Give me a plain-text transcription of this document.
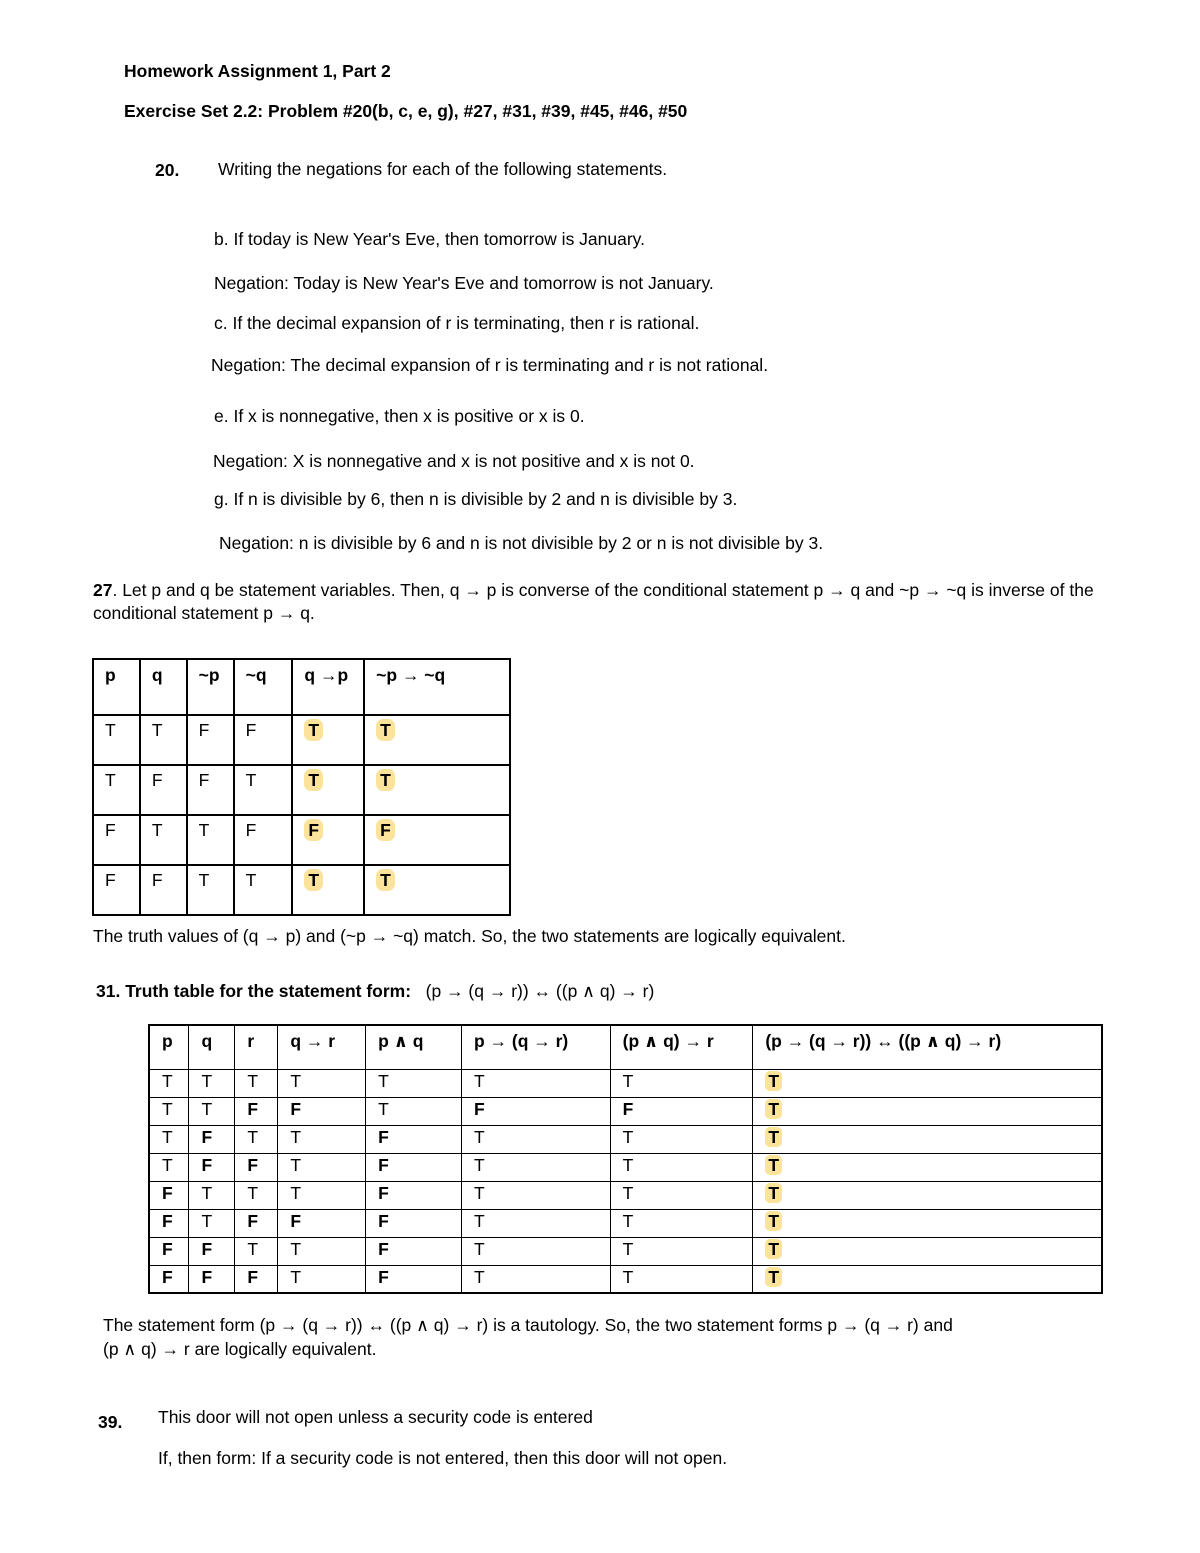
Homework Assignment 1, Part 2
Exercise Set 2.2: Problem #20(b, c, e, g), #27, #31, #39, #45, #46, #50
20. Writing the negations for each of the following statements.
b. If today is New Year's Eve, then tomorrow is January.
Negation: Today is New Year's Eve and tomorrow is not January.
c. If the decimal expansion of r is terminating, then r is rational.
Negation: The decimal expansion of r is terminating and r is not rational.
e. If x is nonnegative, then x is positive or x is 0.
Negation: X is nonnegative and x is not positive and x is not 0.
g. If n is divisible by 6, then n is divisible by 2 and n is divisible by 3.
Negation: n is divisible by 6 and n is not divisible by 2 or n is not divisible by 3.
27. Let p and q be statement variables. Then, q → p is converse of the conditional statement p → q and ~p → ~q is inverse of the conditional statement p → q.
p	q	~p	~q	q →p	~p → ~q
T	T	F	F	T	T
T	F	F	T	T	T
F	T	T	F	F	F
F	F	T	T	T	T
The truth values of (q → p) and (~p → ~q) match. So, the two statements are logically equivalent.
31. Truth table for the statement form: (p → (q → r)) ↔ ((p ∧ q) → r)
p	q	r	q → r	p ∧ q	p → (q → r)	(p ∧ q) → r	(p → (q → r)) ↔ ((p ∧ q) → r)
T	T	T	T	T	T	T	T
T	T	F	F	T	F	F	T
T	F	T	T	F	T	T	T
T	F	F	T	F	T	T	T
F	T	T	T	F	T	T	T
F	T	F	F	F	T	T	T
F	F	T	T	F	T	T	T
F	F	F	T	F	T	T	T
The statement form (p → (q → r)) ↔ ((p ∧ q) → r) is a tautology. So, the two statement forms p → (q → r) and
(p ∧ q) → r are logically equivalent.
39. This door will not open unless a security code is entered
If, then form: If a security code is not entered, then this door will not open.
